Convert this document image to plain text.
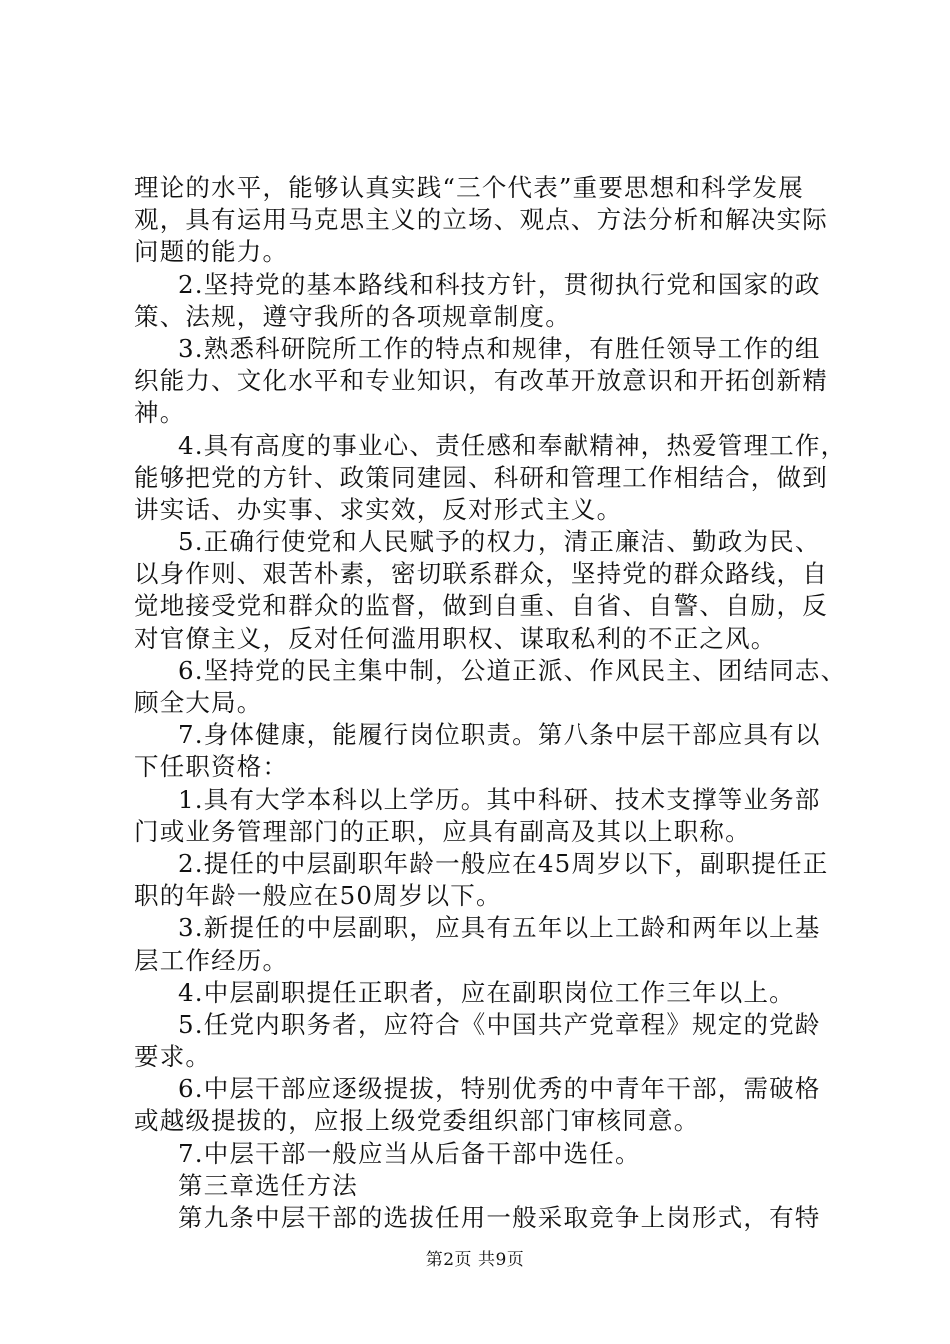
理论的水平，能够认真实践“三个代表”重要思想和科学发展
观，具有运用马克思主义的立场、观点、方法分析和解决实际
问题的能力。
2.坚持党的基本路线和科技方针，贯彻执行党和国家的政
策、法规，遵守我所的各项规章制度。
3.熟悉科研院所工作的特点和规律，有胜任领导工作的组
织能力、文化水平和专业知识，有改革开放意识和开拓创新精
神。
4.具有高度的事业心、责任感和奉献精神，热爱管理工作，
能够把党的方针、政策同建园、科研和管理工作相结合，做到
讲实话、办实事、求实效，反对形式主义。
5.正确行使党和人民赋予的权力，清正廉洁、勤政为民、
以身作则、艰苦朴素，密切联系群众，坚持党的群众路线，自
觉地接受党和群众的监督，做到自重、自省、自警、自励，反
对官僚主义，反对任何滥用职权、谋取私利的不正之风。
6.坚持党的民主集中制，公道正派、作风民主、团结同志、
顾全大局。
7.身体健康，能履行岗位职责。第八条中层干部应具有以
下任职资格：
1.具有大学本科以上学历。其中科研、技术支撑等业务部
门或业务管理部门的正职，应具有副高及其以上职称。
2.提任的中层副职年龄一般应在45周岁以下，副职提任正
职的年龄一般应在50周岁以下。
3.新提任的中层副职，应具有五年以上工龄和两年以上基
层工作经历。
4.中层副职提任正职者，应在副职岗位工作三年以上。
5.任党内职务者，应符合《中国共产党章程》规定的党龄
要求。
6.中层干部应逐级提拔，特别优秀的中青年干部，需破格
或越级提拔的，应报上级党委组织部门审核同意。
7.中层干部一般应当从后备干部中选任。
第三章选任方法
第九条中层干部的选拔任用一般采取竞争上岗形式，有特
第2页 共9页
